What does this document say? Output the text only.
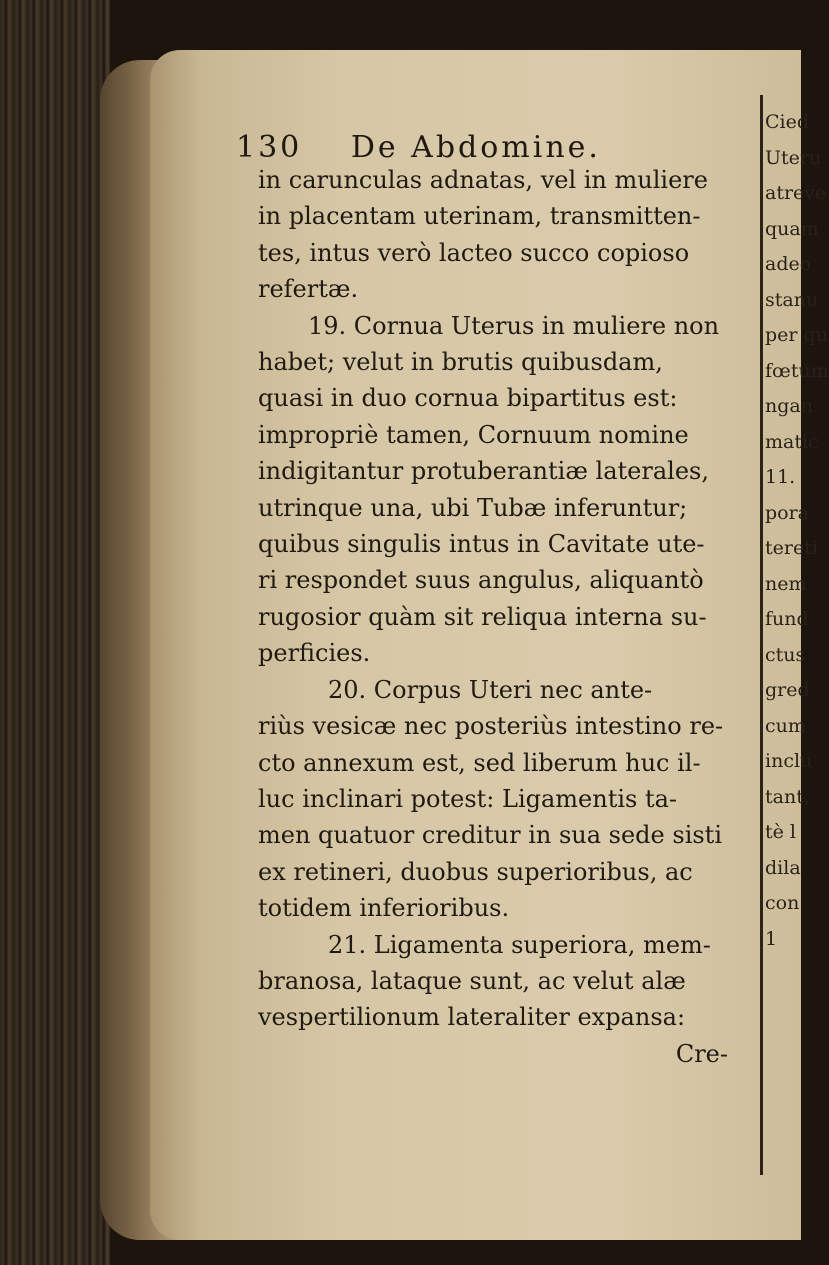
Cied
Uteru
atreve
quam
adeo
stanu
per qu
fœtum
ngan
matic
11.
pora
tereti
nem
fund
ctus
gred
cum
inclu
tant,
tè l
dila
con
1
130 De Abdomine.
in carunculas adnatas, vel in muliere
in placentam uterinam, transmitten-
tes, intus verò lacteo succo copioso
refertæ.
19. Cornua Uterus in muliere non
habet; velut in brutis quibusdam,
quasi in duo cornua bipartitus est:
impropriè tamen, Cornuum nomine
indigitantur protuberantiæ laterales,
utrinque una, ubi Tubæ inferuntur;
quibus singulis intus in Cavitate ute-
ri respondet suus angulus, aliquantò
rugosior quàm sit reliqua interna su-
perficies.
20. Corpus Uteri nec ante-
riùs vesicæ nec posteriùs intestino re-
cto annexum est, sed liberum huc il-
luc inclinari potest: Ligamentis ta-
men quatuor creditur in sua sede sisti
ex retineri, duobus superioribus, ac
totidem inferioribus.
21. Ligamenta superiora, mem-
branosa, lataque sunt, ac velut alæ
vespertilionum lateraliter expansa:
Cre-
